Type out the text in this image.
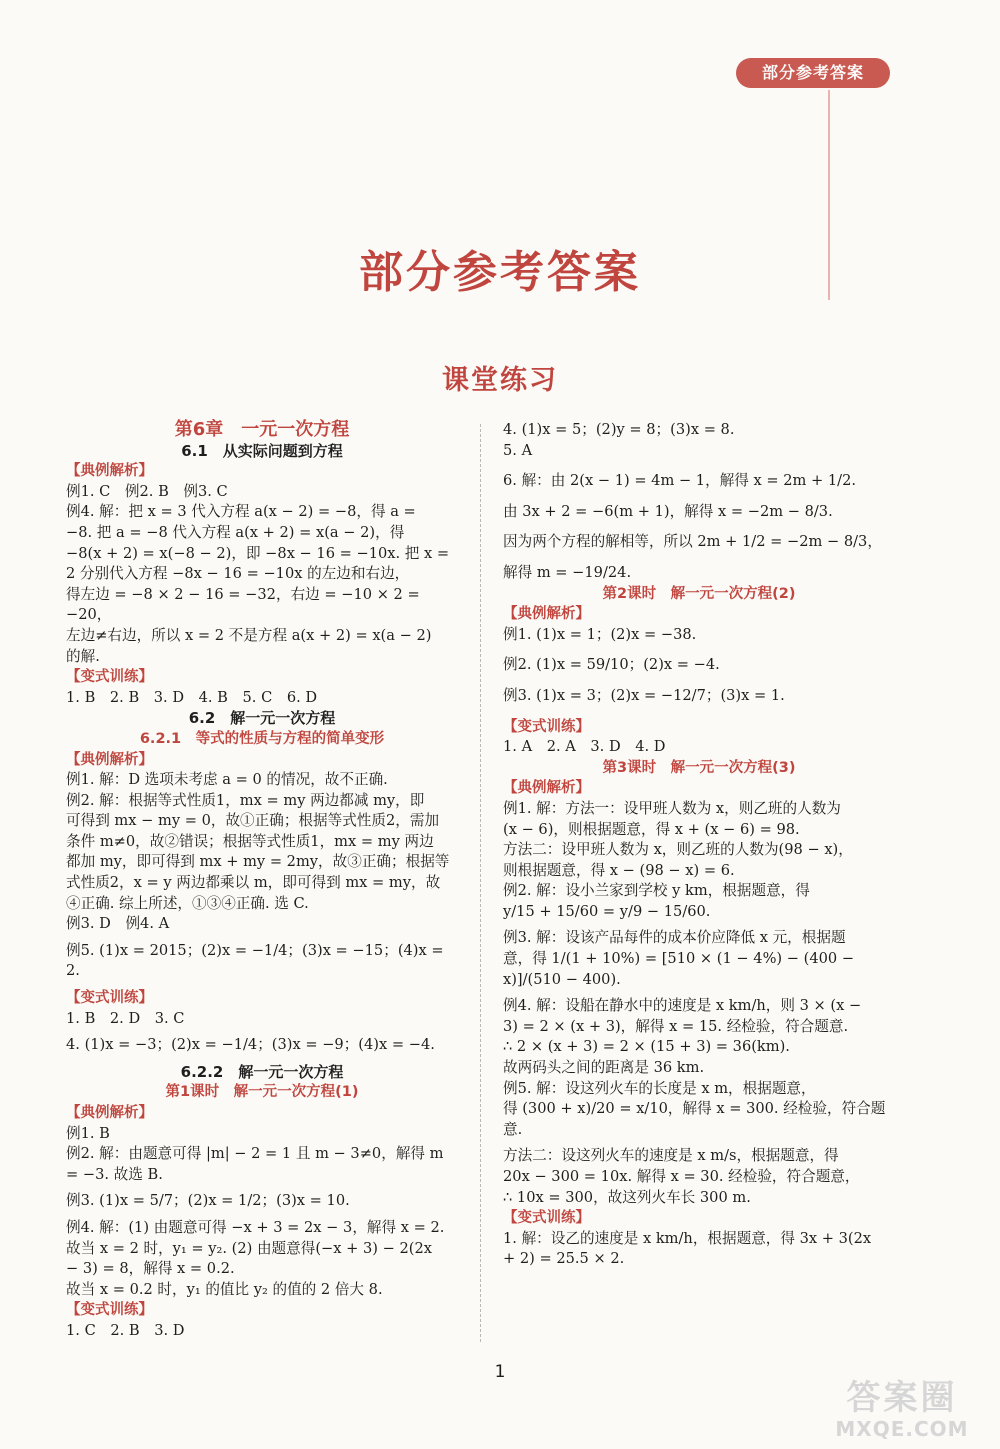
部分参考答案
部分参考答案
课堂练习

第6章　一元一次方程

6.1　从实际问题到方程

【典例解析】

例1. C　例2. B　例3. C

例4. 解：把 x = 3 代入方程 a(x − 2) = −8，得 a =

−8. 把 a = −8 代入方程 a(x + 2) = x(a − 2)，得

−8(x + 2) = x(−8 − 2)，即 −8x − 16 = −10x. 把 x =

2 分别代入方程 −8x − 16 = −10x 的左边和右边，

得左边 = −8 × 2 − 16 = −32，右边 = −10 × 2 = −20，

左边≠右边，所以 x = 2 不是方程 a(x + 2) = x(a − 2)

的解.

【变式训练】

1. B　2. B　3. D　4. B　5. C　6. D

6.2　解一元一次方程

6.2.1　等式的性质与方程的简单变形

【典例解析】

例1. 解：D 选项未考虑 a = 0 的情况，故不正确.

例2. 解：根据等式性质1，mx = my 两边都减 my，即

可得到 mx − my = 0，故①正确；根据等式性质2，需加

条件 m≠0，故②错误；根据等式性质1，mx = my 两边

都加 my，即可得到 mx + my = 2my，故③正确；根据等

式性质2，x = y 两边都乘以 m，即可得到 mx = my，故

④正确. 综上所述，①③④正确. 选 C.

例3. D　例4. A

例5. (1)x = 2015；(2)x = −1/4；(3)x = −15；(4)x = 2.

【变式训练】

1. B　2. D　3. C

4. (1)x = −3；(2)x = −1/4；(3)x = −9；(4)x = −4.

6.2.2　解一元一次方程

第1课时　解一元一次方程(1)

【典例解析】

例1. B

例2. 解：由题意可得 |m| − 2 = 1 且 m − 3≠0，解得 m

= −3. 故选 B.

例3. (1)x = 5/7；(2)x = 1/2；(3)x = 10.

例4. 解：(1) 由题意可得 −x + 3 = 2x − 3，解得 x = 2.

故当 x = 2 时，y₁ = y₂. (2) 由题意得(−x + 3) − 2(2x

− 3) = 8，解得 x = 0.2.

故当 x = 0.2 时，y₁ 的值比 y₂ 的值的 2 倍大 8.

【变式训练】

1. C　2. B　3. D

4. (1)x = 5；(2)y = 8；(3)x = 8.

5. A

6. 解：由 2(x − 1) = 4m − 1，解得 x = 2m + 1/2.

由 3x + 2 = −6(m + 1)，解得 x = −2m − 8/3.

因为两个方程的解相等，所以 2m + 1/2 = −2m − 8/3，

解得 m = −19/24.

第2课时　解一元一次方程(2)

【典例解析】

例1. (1)x = 1；(2)x = −38.

例2. (1)x = 59/10；(2)x = −4.

例3. (1)x = 3；(2)x = −12/7；(3)x = 1.

【变式训练】

1. A　2. A　3. D　4. D

第3课时　解一元一次方程(3)

【典例解析】

例1. 解：方法一：设甲班人数为 x，则乙班的人数为

(x − 6)，则根据题意，得 x + (x − 6) = 98.

方法二：设甲班人数为 x，则乙班的人数为(98 − x)，

则根据题意，得 x − (98 − x) = 6.

例2. 解：设小兰家到学校 y km，根据题意，得

y/15 + 15/60 = y/9 − 15/60.

例3. 解：设该产品每件的成本价应降低 x 元，根据题

意，得 1/(1 + 10%) = [510 × (1 − 4%) − (400 − x)]/(510 − 400).

例4. 解：设船在静水中的速度是 x km/h，则 3 × (x −

3) = 2 × (x + 3)，解得 x = 15. 经检验，符合题意.

∴ 2 × (x + 3) = 2 × (15 + 3) = 36(km).

故两码头之间的距离是 36 km.

例5. 解：设这列火车的长度是 x m，根据题意，

得 (300 + x)/20 = x/10，解得 x = 300. 经检验，符合题意.

方法二：设这列火车的速度是 x m/s，根据题意，得

20x − 300 = 10x. 解得 x = 30. 经检验，符合题意，

∴ 10x = 300，故这列火车长 300 m.

【变式训练】

1. 解：设乙的速度是 x km/h，根据题意，得 3x + 3(2x

+ 2) = 25.5 × 2.

1
答案圈
MXQE.COM
